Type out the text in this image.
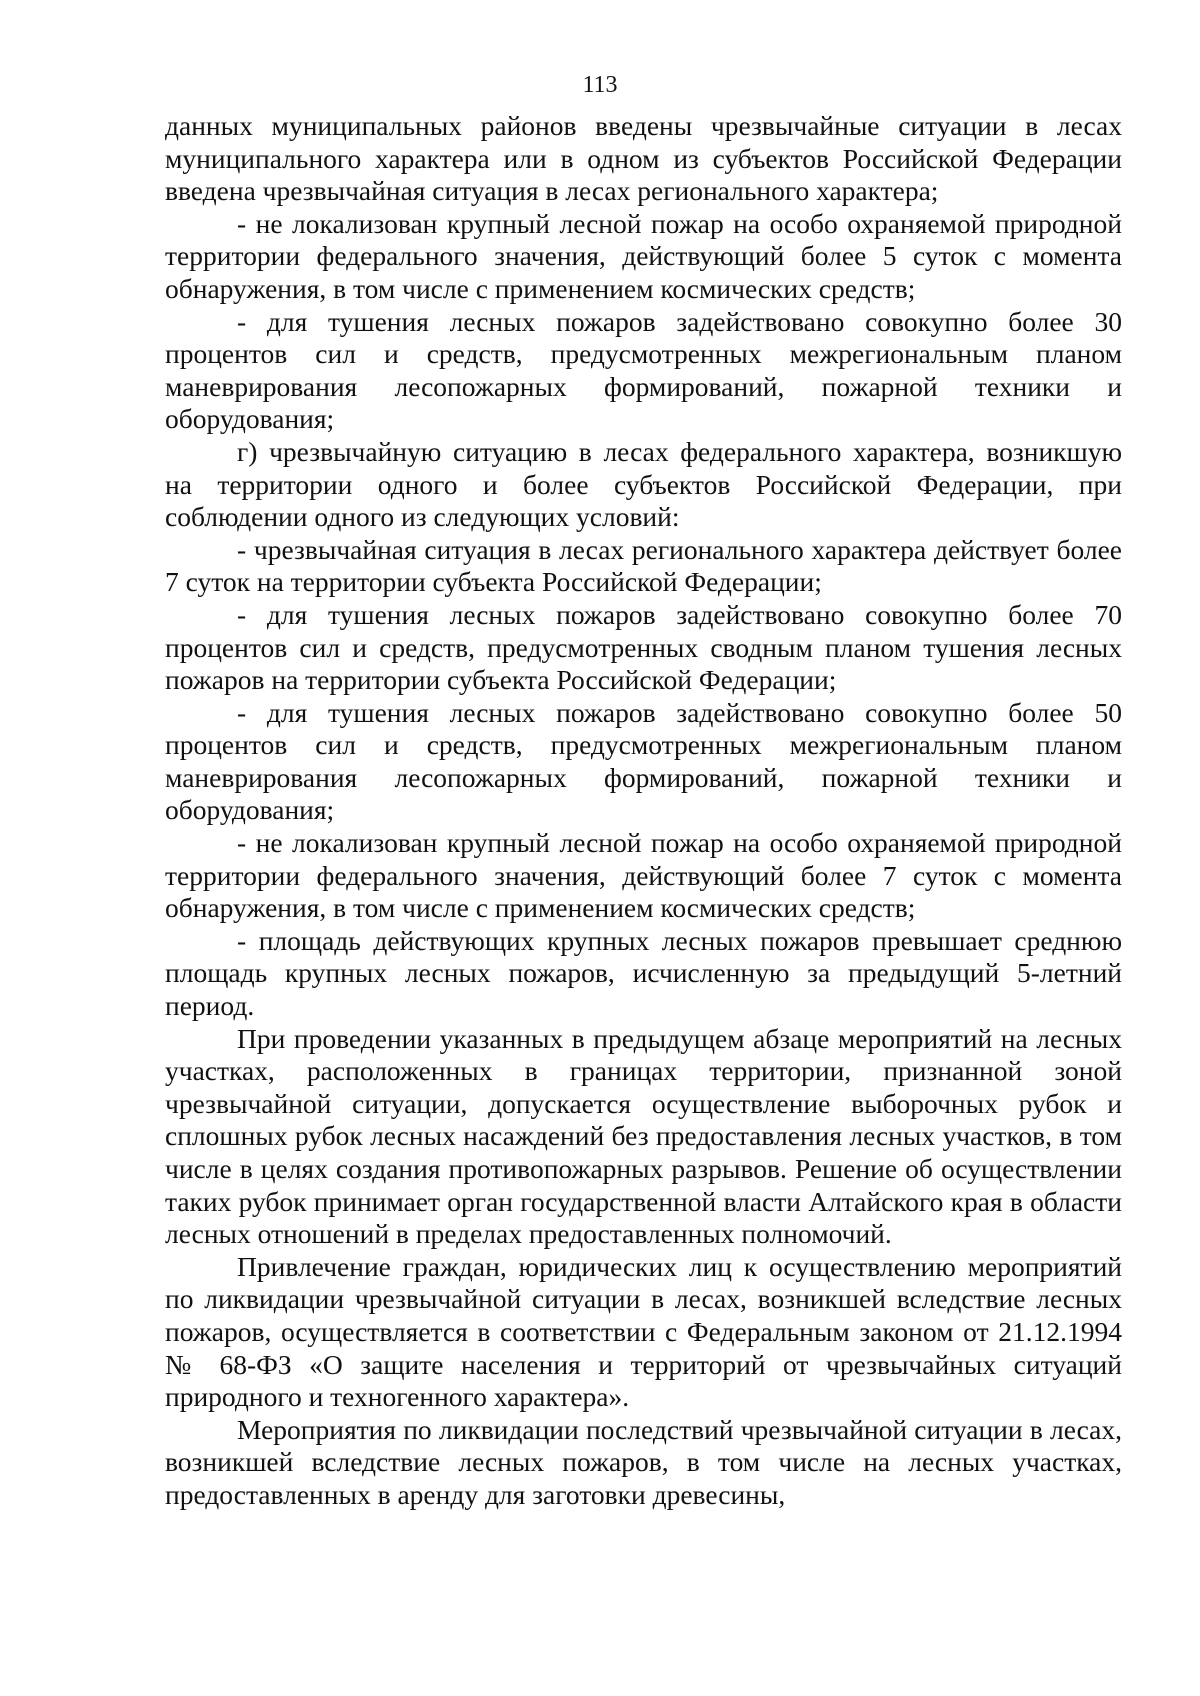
113

данных муниципальных районов введены чрезвычайные ситуации в лесах муниципального характера или в одном из субъектов Российской Федерации введена чрезвычайная ситуация в лесах регионального характера;

- не локализован крупный лесной пожар на особо охраняемой природной территории федерального значения, действующий более 5 суток с момента обнаружения, в том числе с применением космических средств;

- для тушения лесных пожаров задействовано совокупно более 30 процентов сил и средств, предусмотренных межрегиональным планом маневрирования лесопожарных формирований, пожарной техники и оборудования;

г) чрезвычайную ситуацию в лесах федерального характера, возникшую на территории одного и более субъектов Российской Федерации, при соблюдении одного из следующих условий:

- чрезвычайная ситуация в лесах регионального характера действует более 7 суток на территории субъекта Российской Федерации;

- для тушения лесных пожаров задействовано совокупно более 70 процентов сил и средств, предусмотренных сводным планом тушения лесных пожаров на территории субъекта Российской Федерации;

- для тушения лесных пожаров задействовано совокупно более 50 процентов сил и средств, предусмотренных межрегиональным планом маневрирования лесопожарных формирований, пожарной техники и оборудования;

- не локализован крупный лесной пожар на особо охраняемой природной территории федерального значения, действующий более 7 суток с момента обнаружения, в том числе с применением космических средств;

- площадь действующих крупных лесных пожаров превышает среднюю площадь крупных лесных пожаров, исчисленную за предыдущий 5-летний период.

При проведении указанных в предыдущем абзаце мероприятий на лесных участках, расположенных в границах территории, признанной зоной чрезвычайной ситуации, допускается осуществление выборочных рубок и сплошных рубок лесных насаждений без предоставления лесных участков, в том числе в целях создания противопожарных разрывов. Решение об осуществлении таких рубок принимает орган государственной власти Алтайского края в области лесных отношений в пределах предоставленных полномочий.

Привлечение граждан, юридических лиц к осуществлению мероприятий по ликвидации чрезвычайной ситуации в лесах, возникшей вследствие лесных пожаров, осуществляется в соответствии с Федеральным законом от 21.12.1994 № 68-ФЗ «О защите населения и территорий от чрезвычайных ситуаций природного и техногенного характера».

Мероприятия по ликвидации последствий чрезвычайной ситуации в лесах, возникшей вследствие лесных пожаров, в том числе на лесных участках, предоставленных в аренду для заготовки древесины,
